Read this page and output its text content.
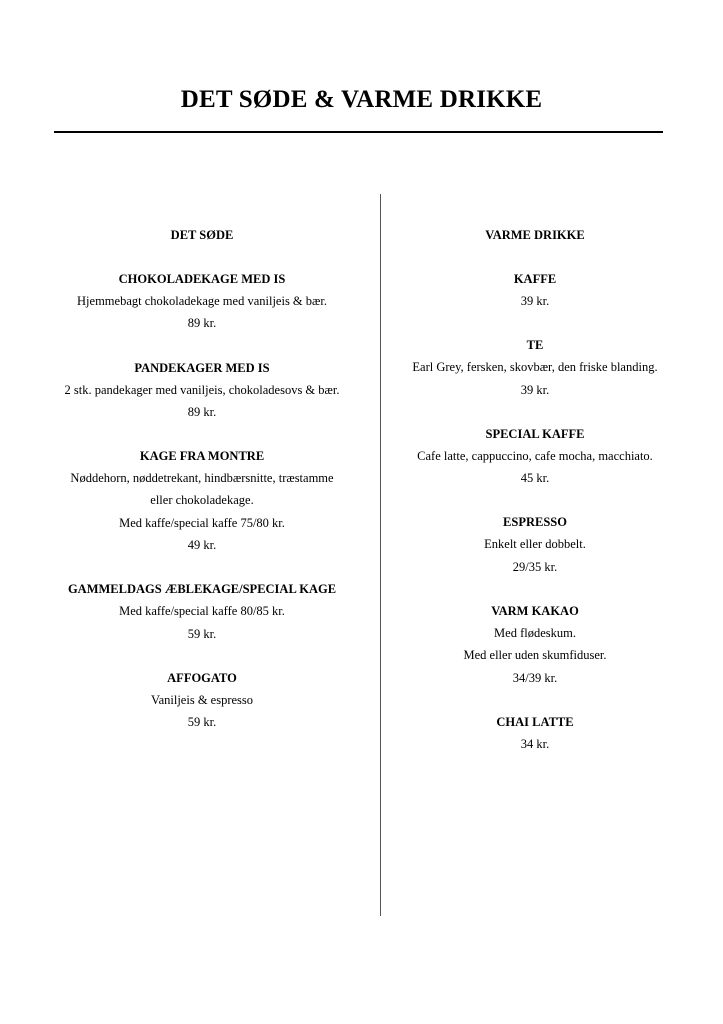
DET SØDE & VARME DRIKKE
DET SØDE
CHOKOLADEKAGE MED IS
Hjemmebagt chokoladekage med vaniljeis & bær.
89 kr.
PANDEKAGER MED IS
2 stk. pandekager med vaniljeis, chokoladesovs & bær.
89 kr.
KAGE FRA MONTRE
Nøddehorn, nøddetrekant, hindbærsnitte, træstamme
eller chokoladekage.
Med kaffe/special kaffe 75/80 kr.
49 kr.
GAMMELDAGS ÆBLEKAGE/SPECIAL KAGE
Med kaffe/special kaffe 80/85 kr.
59 kr.
AFFOGATO
Vaniljeis & espresso
59 kr.
VARME DRIKKE
KAFFE
39 kr.
TE
Earl Grey, fersken, skovbær, den friske blanding.
39 kr.
SPECIAL KAFFE
Cafe latte, cappuccino, cafe mocha, macchiato.
45 kr.
ESPRESSO
Enkelt eller dobbelt.
29/35 kr.
VARM KAKAO
Med flødeskum.
Med eller uden skumfiduser.
34/39 kr.
CHAI LATTE
34 kr.
